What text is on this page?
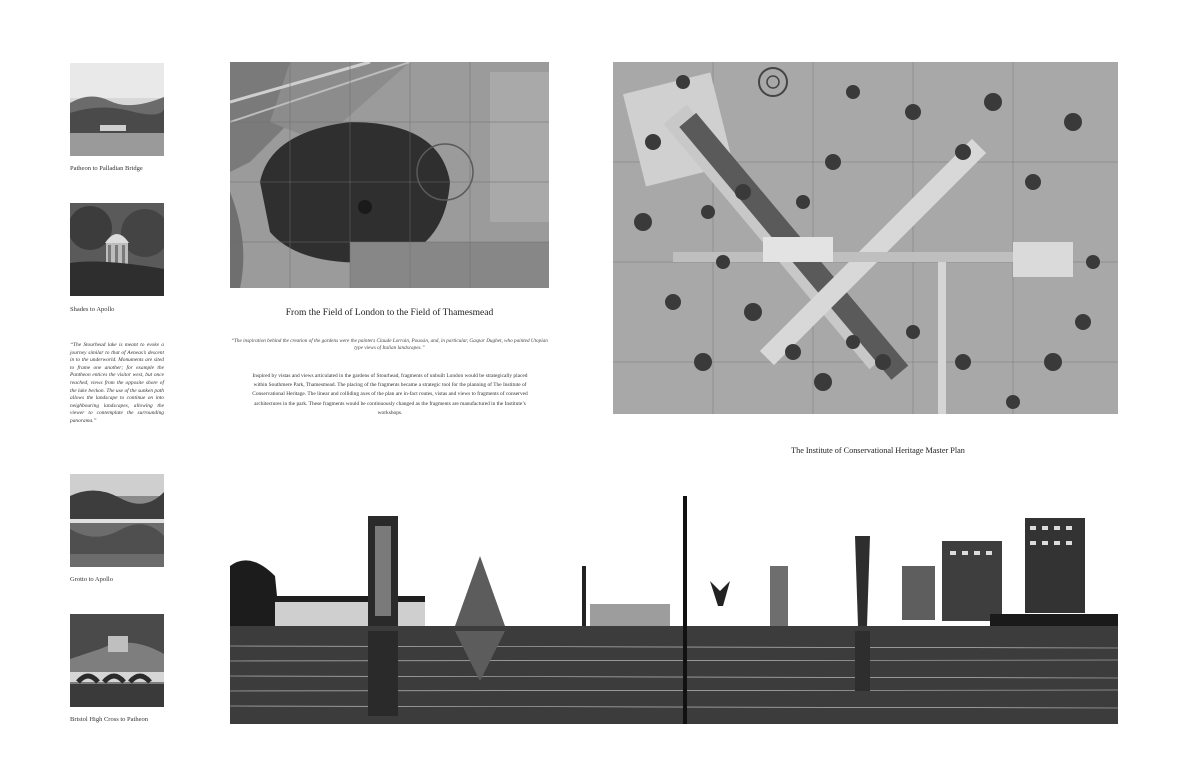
Patheon to Palladian Bridge
Shades to Apollo
“The Stourhead lake is meant to evoke a journey similar to that of Aeneas’s descent in to the underworld. Monuments are sited to frame one another; for example the Pantheon entices the visitor west, but once reached, views from the opposite shore of the lake beckon. The use of the sunken path allows the landscape to continue on into neighbouring landscapes, allowing the viewer to contemplate the surrounding panorama.”
Grotto to Apollo
Bristol High Cross to Patheon
From the Field of London to the Field of Thamesmead
“The inspiration behind the creation of the gardens were the painters Claude Lorrain, Poussin, and, in particular, Gaspar Dughet, who painted Utopian type views of Italian landscapes.”
Inspired by vistas and views articulated in the gardens of Stourhead, fragments of unbuilt London would be strategically placed within Southmere Park, Thamesmead. The placing of the fragments became a strategic tool for the planning of The Institute of Conservational Heritage. The linear and colliding axes of the plan are in-fact routes, vistas and views to fragments of conserved architectures in the park. These fragments would be continuously changed as the fragments are manufactured in the Institute’s workshops.
The Institute of Conservational Heritage Master Plan
